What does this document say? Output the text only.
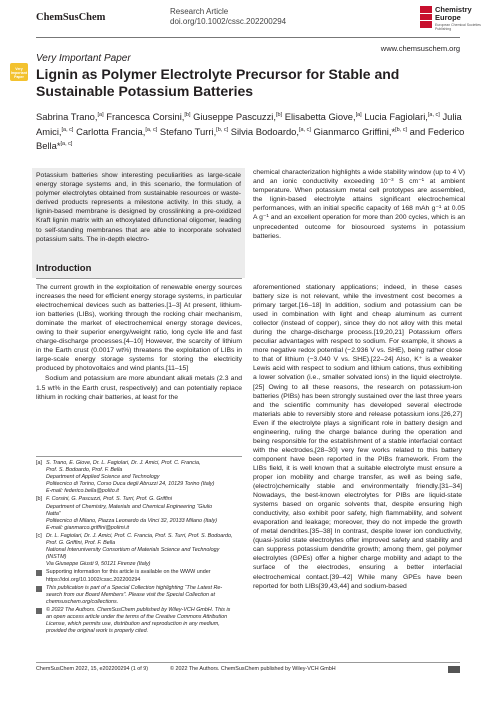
ChemSusChem
Research Article
doi.org/10.1002/cssc.202200294
Chemistry
Europe
European Chemical Societies Publishing
Very Important Paper
www.chemsuschem.org
Very Important Paper
Lignin as Polymer Electrolyte Precursor for Stable and Sustainable Potassium Batteries
Sabrina Trano,[a] Francesca Corsini,[b] Giuseppe Pascuzzi,[b] Elisabetta Giove,[a] Lucia Fagiolari,[a, c] Julia Amici,[a, c] Carlotta Francia,[a, c] Stefano Turri,[b, c] Silvia Bodoardo,[a, c] Gianmarco Griffini,*[b, c] and Federico Bella*[a, c]
Potassium batteries show interesting peculiarities as large-scale energy storage systems and, in this scenario, the formulation of polymer electrolytes obtained from sustainable resources or waste-derived products represents a milestone activity. In this study, a lignin-based membrane is designed by crosslinking a pre-oxidized Kraft lignin matrix with an ethoxylated difunctional oligomer, leading to self-standing membranes that are able to incorporate solvated potassium salts. The in-depth electro-
chemical characterization highlights a wide stability window (up to 4 V) and an ionic conductivity exceeding 10⁻³ S cm⁻¹ at ambient temperature. When potassium metal cell prototypes are assembled, the lignin-based electrolyte attains significant electrochemical performances, with an initial specific capacity of 168 mAh g⁻¹ at 0.05 A g⁻¹ and an excellent operation for more than 200 cycles, which is an unprecedented outcome for biosourced systems in potassium batteries.
Introduction

The current growth in the exploitation of renewable energy sources increases the need for efficient energy storage systems, in particular electrochemical devices such as batteries.[1–3] At present, lithium-ion batteries (LIBs), working through the rocking chair mechanism, dominate the market of electrochemical energy storage devices, owing to their superior energy/weight ratio, long cycle life and fast charge-discharge processes.[4–10] However, the scarcity of lithium in the Earth crust (0.0017 wt%) threatens the exploitation of LIBs in large-scale energy storage systems for storing the electricity produced by photovoltaics and wind plants.[11–15]

Sodium and potassium are more abundant alkali metals (2.3 and 1.5 wt% in the Earth crust, respectively) and can potentially replace lithium in rocking chair batteries, at least for the

aforementioned stationary applications; indeed, in these cases battery size is not relevant, while the investment cost becomes a primary target.[16–18] In addition, sodium and potassium can be used in combination with light and cheap aluminum as current collector (instead of copper), since they do not alloy with this metal during the charge-discharge process.[19,20,21] Potassium offers peculiar advantages with respect to sodium. For example, it shows a more negative redox potential (−2.936 V vs. SHE), being rather close to that of lithium (−3.040 V vs. SHE).[22–24] Also, K⁺ is a weaker Lewis acid with respect to sodium and lithium cations, thus exhibiting a lower solvation (i.e., smaller solvated ions) in the liquid electrolyte.[25] Owing to all these reasons, the research on potassium-ion batteries (PIBs) has been strongly sustained over the last three years and the scientific community has developed several electrode materials able to reversibly store and release potassium ions.[26,27] Even if the electrolyte plays a significant role in battery design and engineering, ruling the charge balance during the operation and being responsible for the establishment of a stable interfacial contact with the electrodes,[28–30] very few works related to this battery component have been reported in the PIBs framework. From the LIBs field, it is well known that a suitable electrolyte must ensure a proper ion mobility and charge transfer, as well as being safe, (electro)chemically stable and environmentally friendly.[31–34] Nowadays, the best-known electrolytes for PIBs are liquid-state systems based on organic solvents that, despite ensuring high conductivity, also exhibit poor safety, high flammability, and solvent evaporation and leakage; moreover, they do not impede the growth of metal dendrites.[35–38] In contrast, despite lower ion conductivity, (quasi-)solid state electrolytes offer improved safety and stability and can suppress potassium dendrite growth; among them, gel polymer electrolytes (GPEs) offer a higher charge mobility and adapt to the surface of the electrodes, ensuring a better interfacial electrochemical contact.[39–42] While many GPEs have been reported for both LIBs[39,43,44] and sodium-based

[a] S. Trano, E. Giove, Dr. L. Fagiolari, Dr. J. Amici, Prof. C. Francia,
Prof. S. Bodoardo, Prof. F. Bella
Department of Applied Science and Technology
Politecnico di Torino, Corso Duca degli Abruzzi 24, 10129 Torino (Italy)
E-mail: federico.bella@polito.it
[b] F. Corsini, G. Pascuzzi, Prof. S. Turri, Prof. G. Griffini
Department of Chemistry, Materials and Chemical Engineering “Giulio
Natta”
Politecnico di Milano, Piazza Leonardo da Vinci 32, 20133 Milano (Italy)
E-mail: gianmarco.griffini@polimi.it
[c] Dr. L. Fagiolari, Dr. J. Amici, Prof. C. Francia, Prof. S. Turri, Prof. S. Bodoardo,
Prof. G. Griffini, Prof. F. Bella
National Interuniversity Consortium of Materials Science and Technology
(INSTM)
Via Giuseppe Giusti 9, 50121 Firenze (Italy)
Supporting information for this article is available on the WWW under
https://doi.org/10.1002/cssc.202200294
This publication is part of a Special Collection highlighting “The Latest Re-
search from our Board Members”. Please visit the Special Collection at
chemsuschem.org/collections.
© 2022 The Authors. ChemSusChem published by Wiley-VCH GmbH. This is
an open access article under the terms of the Creative Commons Attribution
License, which permits use, distribution and reproduction in any medium,
provided the original work is properly cited.
ChemSusChem 2022, 15, e202200294 (1 of 9)	© 2022 The Authors. ChemSusChem published by Wiley-VCH GmbH
